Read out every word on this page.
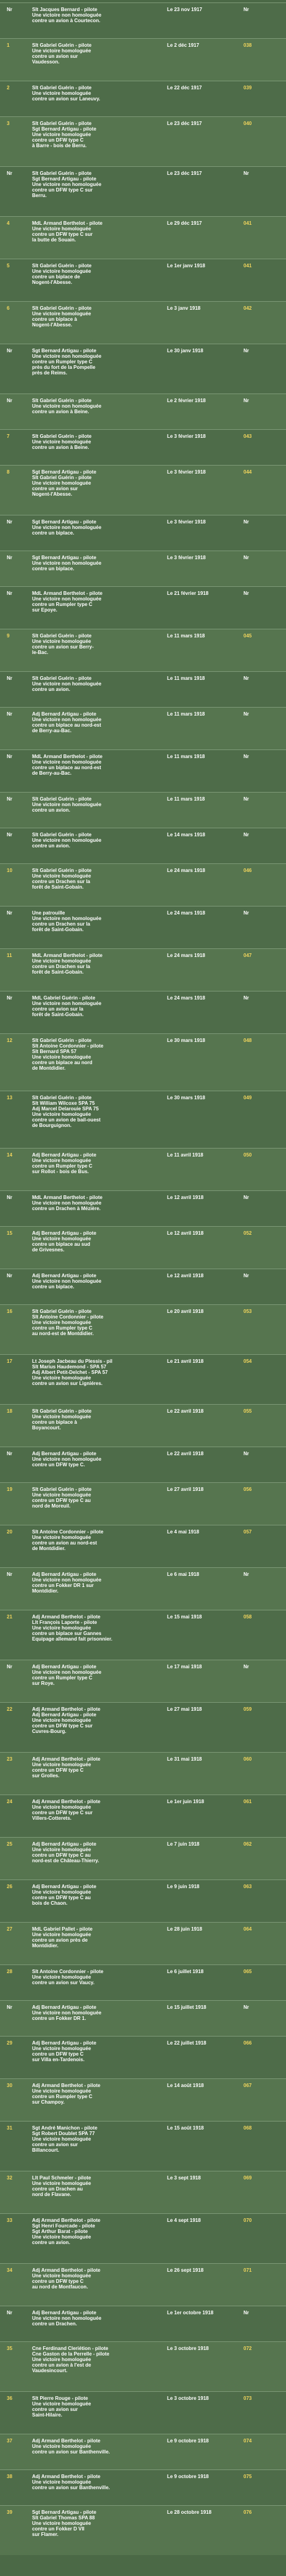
Nr	Slt Jacques Bernard - pilote
Une victoire non homologuée
contre un avion à Courtecon.
Le 23 nov 1917	Nr
1	Slt Gabriel Guérin - pilote
Une victoire homologuée
contre un avion sur
Vaudesson.
Le 2 déc 1917	038
2	Slt Gabriel Guérin - pilote
Une victoire homologuée
contre un avion sur Laneuvy.
Le 22 déc 1917	039
3	Slt Gabriel Guérin - pilote
Sgt Bernard Artigau - pilote
Une victoire homologuée
contre un DFW type C
à Barre - bois de Berru.
Le 23 déc 1917	040
Nr	Slt Gabriel Guérin - pilote
Sgt Bernard Artigau - pilote
Une victoire non homologuée
contre un DFW type C sur
Berru.
Le 23 déc 1917	Nr
4	MdL Armand Berthelot - pilote
Une victoire homologuée
contre un DFW type C sur
la butte de Souain.
Le 29 déc 1917	041
5	Slt Gabriel Guérin - pilote
Une victoire homologuée
contre un biplace de
Nogent-l'Abesse.
Le 1er janv 1918	041
6	Slt Gabriel Guérin - pilote
Une victoire homologuée
contre un biplace à
Nogent-l'Abesse.
Le 3 janv 1918	042
Nr	Sgt Bernard Artigau - pilote
Une victoire non homologuée
contre un Rumpler type C
près du fort de la Pompelle
près de Reims.
Le 30 janv 1918	Nr
Nr	Slt Gabriel Guérin - pilote
Une victoire non homologuée
contre un avion à Beine.
Le 2 février 1918	Nr
7	Slt Gabriel Guérin - pilote
Une victoire homologuée
contre un avion à Beine.
Le 3 février 1918	043
8	Sgt Bernard Artigau - pilote
Slt Gabriel Guérin - pilote
Une victoire homologuée
contre un avion sur
Nogent-l'Abesse.
Le 3 février 1918	044
Nr	Sgt Bernard Artigau - pilote
Une victoire non homologuée
contre un biplace.
Le 3 février 1918	Nr
Nr	Sgt Bernard Artigau - pilote
Une victoire non homologuée
contre un biplace.
Le 3 février 1918	Nr
Nr	MdL Armand Berthelot - pilote
Une victoire non homologuée
contre un Rumpler type C
sur Epoye.
Le 21 février 1918	Nr
9	Slt Gabriel Guérin - pilote
Une victoire homologuée
contre un avion sur Berry-
le-Bac.
Le 11 mars 1918	045
Nr	Slt Gabriel Guérin - pilote
Une victoire non homologuée
contre un avion.
Le 11 mars 1918	Nr
Nr	Adj Bernard Artigau - pilote
Une victoire non homologuée
contre un biplace au nord-est
de Berry-au-Bac.
Le 11 mars 1918	Nr
Nr	MdL Armand Berthelot - pilote
Une victoire non homologuée
contre un biplace au nord-est
de Berry-au-Bac.
Le 11 mars 1918	Nr
Nr	Slt Gabriel Guérin - pilote
Une victoire non homologuée
contre un avion.
Le 11 mars 1918	Nr
Nr	Slt Gabriel Guérin - pilote
Une victoire non homologuée
contre un avion.
Le 14 mars 1918	Nr
10	Slt Gabriel Guérin - pilote
Une victoire homologuée
contre un Drachen sur la
forêt de Saint-Gobain.
Le 24 mars 1918	046
Nr	Une patrouille
Une victoire non homologuée
contre un Drachen sur la
forêt de Saint-Gobain.
Le 24 mars 1918	Nr
11	MdL Armand Berthelot - pilote
Une victoire homologuée
contre un Drachen sur la
forêt de Saint-Gobain.
Le 24 mars 1918	047
Nr	MdL Gabriel Guérin - pilote
Une victoire non homologuée
contre un avion sur la
forêt de Saint-Gobain.
Le 24 mars 1918	Nr
12	Slt Gabriel Guérin - pilote
Slt Antoine Cordonnier - pilote
Slt Bernard SPA 57
Une victoire homologuée
contre un biplace au nord
de Montdidier.
Le 30 mars 1918	048
13	Slt Gabriel Guérin - pilote
Slt William Wilcoxe SPA 75
Adj Marcel Delarouie SPA 75
Une victoire homologuée
contre un avion de bail-ouest
de Bourguignon.
Le 30 mars 1918	049
14	Adj Bernard Artigau - pilote
Une victoire homologuée
contre un Rumpler type C
sur Rollot - bois de Bus.
Le 11 avril 1918	050
Nr	MdL Armand Berthelot - pilote
Une victoire non homologuée
contre un Drachen à Mézière.
Le 12 avril 1918	Nr
15	Adj Bernard Artigau - pilote
Une victoire homologuée
contre un biplace au sud
de Grivesnes.
Le 12 avril 1918	052
Nr	Adj Bernard Artigau - pilote
Une victoire non homologuée
contre un biplace.
Le 12 avril 1918	Nr
16	Slt Gabriel Guérin - pilote
Slt Antoine Cordonnier - pilote
Une victoire homologuée
contre un Rumpler type C
au nord-est de Montdidier.
Le 20 avril 1918	053
17	Lt Joseph Jacbeau du Plessis - pil
Slt Marius Haudemond - SPA 57
Adj Albert Petit-Delchet - SPA 57
Une victoire homologuée
contre un avion sur Ligniéres.
Le 21 avril 1918	054
18	Slt Gabriel Guérin - pilote
Une victoire homologuée
contre un biplace à
Boyancourt.
Le 22 avril 1918	055
Nr	Adj Bernard Artigau - pilote
Une victoire non homologuée
contre un DFW type C.
Le 22 avril 1918	Nr
19	Slt Gabriel Guérin - pilote
Une victoire homologuée
contre un DFW type C au
nord de Moreuil.
Le 27 avril 1918	056
20	Slt Antoine Cordonnier - pilote
Une victoire homologuée
contre un avion au nord-est
de Montdidier.
Le 4 mai 1918	057
Nr	Adj Bernard Artigau - pilote
Une victoire non homologuée
contre un Fokker DR 1 sur
Montdidier.
Le 6 mai 1918	Nr
21	Adj Armand Berthelot - pilote
Llt François Laporte - pilote
Une victoire homologuée
contre un biplace sur Gannes
Equipage allemand fait prisonnier.
Le 15 mai 1918	058
Nr	Adj Bernard Artigau - pilote
Une victoire non homologuée
contre un Rumpler type C
sur Roye.
Le 17 mai 1918	Nr
22	Adj Armand Berthelot - pilote
Adj Bernard Artigau - pilote
Une victoire homologuée
contre un DFW type C sur
Cuvres-Bourg.
Le 27 mai 1918	059
23	Adj Armand Berthelot - pilote
Une victoire homologuée
contre un DFW type C
sur Grolles.
Le 31 mai 1918	060
24	Adj Armand Berthelot - pilote
Une victoire homologuée
contre un DFW type C sur
Villers-Cotterets.
Le 1er juin 1918	061
25	Adj Bernard Artigau - pilote
Une victoire homologuée
contre un DFW type C au
nord-est de Château-Thierry.
Le 7 juin 1918	062
26	Adj Bernard Artigau - pilote
Une victoire homologuée
contre un DFW type C au
bois de Chaon.
Le 9 juin 1918	063
27	MdL Gabriel Pallet - pilote
Une victoire homologuée
contre un avion près de
Montdidier.
Le 28 juin 1918	064
28	Slt Antoine Cordonnier - pilote
Une victoire homologuée
contre un avion sur Vaucy.
Le 6 juillet 1918	065
Nr	Adj Bernard Artigau - pilote
Une victoire non homologuée
contre un Fokker DR 1.
Le 15 juillet 1918	Nr
29	Adj Bernard Artigau - pilote
Une victoire homologuée
contre un DFW type C
sur Villa en-Tardenois.
Le 22 juillet 1918	066
30	Adj Armand Berthelot - pilote
Une victoire homologuée
contre un Rumpler type C
sur Champoy.
Le 14 août 1918	067
31	Sgt André Manichon - pilote
Sgt Robert Doublet SPA 77
Une victoire homologuée
contre un avion sur
Billancourt.
Le 15 août 1918	068
32	Llt Paul Schmeler - pilote
Une victoire homologuée
contre un Drachen au
nord de Flavane.
Le 3 sept 1918	069
33	Adj Armand Berthelot - pilote
Sgt Henri Fourcade - pilote
Sgt Arthur Barat - pilote
Une victoire homologuée
contre un avion.
Le 4 sept 1918	070
34	Adj Armand Berthelot - pilote
Une victoire homologuée
contre un DFW type C
au nord de Montfaucon.
Le 26 sept 1918	071
Nr	Adj Bernard Artigau - pilote
Une victoire non homologuée
contre un Drachen.
Le 1er octobre 1918	Nr
35	Cne Ferdinand Cleriétion - pilote
Cne Gaston de la Perrelle - pilote
Une victoire homologuée
contre un avion à l'est de
Vaudesincourt.
Le 3 octobre 1918	072
36	Slt Pierre Rouge - pilote
Une victoire homologuée
contre un avion sur
Saint-Hilaire.
Le 3 octobre 1918	073
37	Adj Armand Berthelot - pilote
Une victoire homologuée
contre un avion sur Banthenville.
Le 9 octobre 1918	074
38	Adj Armand Berthelot - pilote
Une victoire homologuée
contre un avion sur Banthenville.
Le 9 octobre 1918	075
39	Sgt Bernard Artigau - pilote
Slt Gabriel Thomas SPA 88
Une victoire homologuée
contre un Fokker D VII
sur Flamer.
Le 28 octobre 1918	076
